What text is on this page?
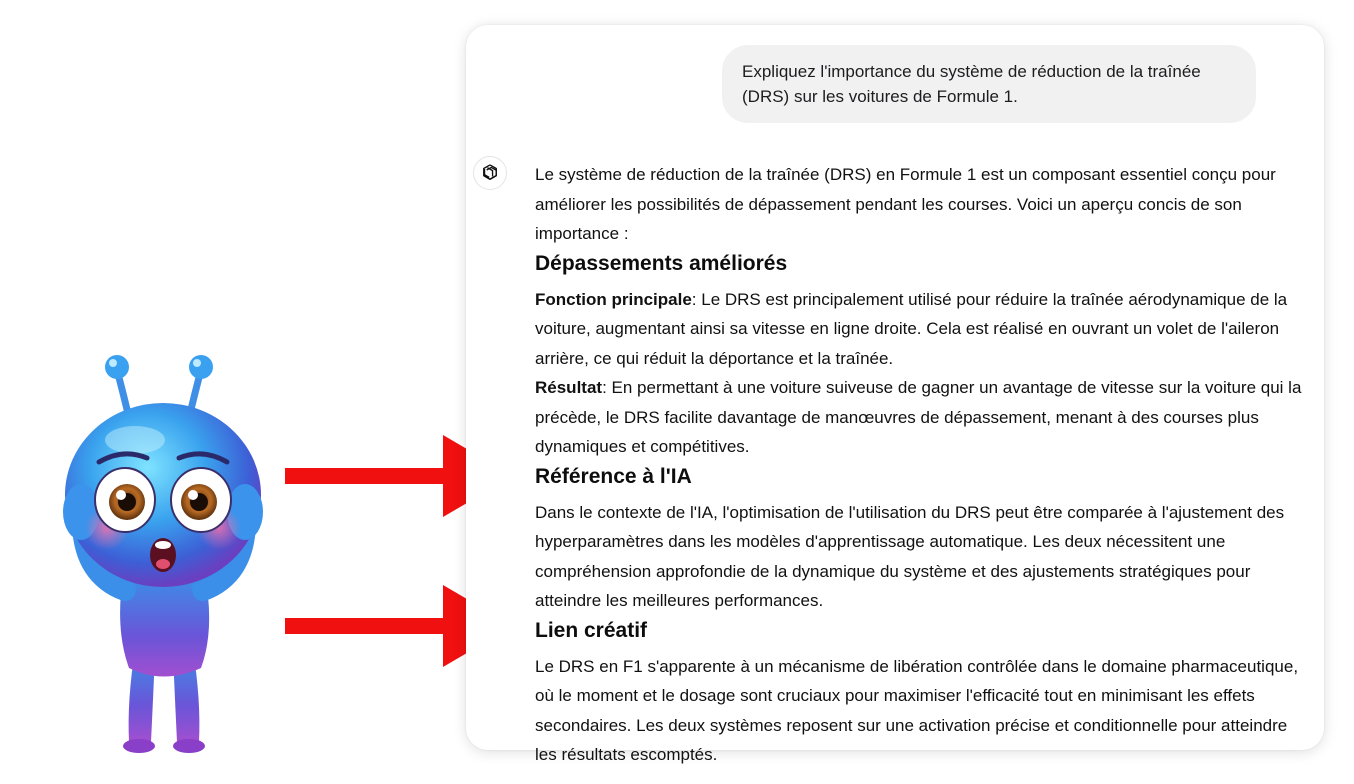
Expliquez l'importance du système de réduction de la traînée (DRS) sur les voitures de Formule 1.

Le système de réduction de la traînée (DRS) en Formule 1 est un composant essentiel conçu pour améliorer les possibilités de dépassement pendant les courses. Voici un aperçu concis de son importance :

Dépassements améliorés

Fonction principale: Le DRS est principalement utilisé pour réduire la traînée aérodynamique de la voiture, augmentant ainsi sa vitesse en ligne droite. Cela est réalisé en ouvrant un volet de l'aileron arrière, ce qui réduit la déportance et la traînée.

Résultat: En permettant à une voiture suiveuse de gagner un avantage de vitesse sur la voiture qui la précède, le DRS facilite davantage de manœuvres de dépassement, menant à des courses plus dynamiques et compétitives.

Référence à l'IA

Dans le contexte de l'IA, l'optimisation de l'utilisation du DRS peut être comparée à l'ajustement des hyperparamètres dans les modèles d'apprentissage automatique. Les deux nécessitent une compréhension approfondie de la dynamique du système et des ajustements stratégiques pour atteindre les meilleures performances.

Lien créatif

Le DRS en F1 s'apparente à un mécanisme de libération contrôlée dans le domaine pharmaceutique, où le moment et le dosage sont cruciaux pour maximiser l'efficacité tout en minimisant les effets secondaires. Les deux systèmes reposent sur une activation précise et conditionnelle pour atteindre les résultats escomptés.
